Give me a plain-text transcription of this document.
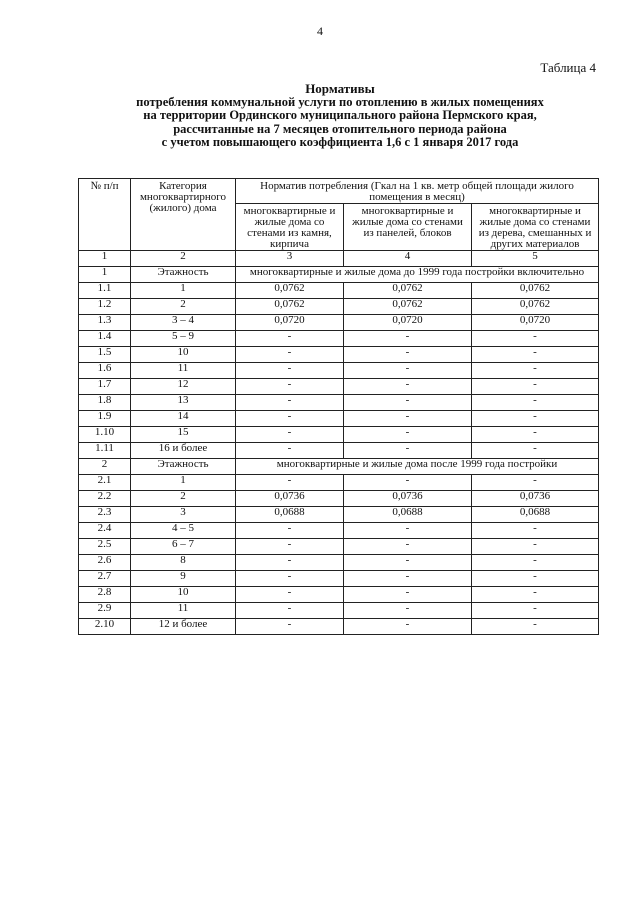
4
Таблица 4
Нормативы
потребления коммунальной услуги по отоплению в жилых помещениях
на территории Ординского муниципального района Пермского края,
рассчитанные на 7 месяцев отопительного периода района
с учетом повышающего коэффициента 1,6 с 1 января 2017 года
№ п/п	Категория многоквартирного (жилого) дома	Норматив потребления (Гкал на 1 кв. метр общей площади жилого помещения в месяц)		
		многоквартирные и жилые дома со стенами из камня, кирпича	многоквартирные и жилые дома со стенами из панелей, блоков	многоквартирные и жилые дома со стенами из дерева, смешанных и других материалов
1	2	3	4	5
1	Этажность	многоквартирные и жилые дома до 1999 года постройки включительно		
1.1	1	0,0762	0,0762	0,0762
1.2	2	0,0762	0,0762	0,0762
1.3	3 – 4	0,0720	0,0720	0,0720
1.4	5 – 9	-	-	-
1.5	10	-	-	-
1.6	11	-	-	-
1.7	12	-	-	-
1.8	13	-	-	-
1.9	14	-	-	-
1.10	15	-	-	-
1.11	16 и более	-	-	-
2	Этажность	многоквартирные и жилые дома после 1999 года постройки		
2.1	1	-	-	-
2.2	2	0,0736	0,0736	0,0736
2.3	3	0,0688	0,0688	0,0688
2.4	4 – 5	-	-	-
2.5	6 – 7	-	-	-
2.6	8	-	-	-
2.7	9	-	-	-
2.8	10	-	-	-
2.9	11	-	-	-
2.10	12 и более	-	-	-
